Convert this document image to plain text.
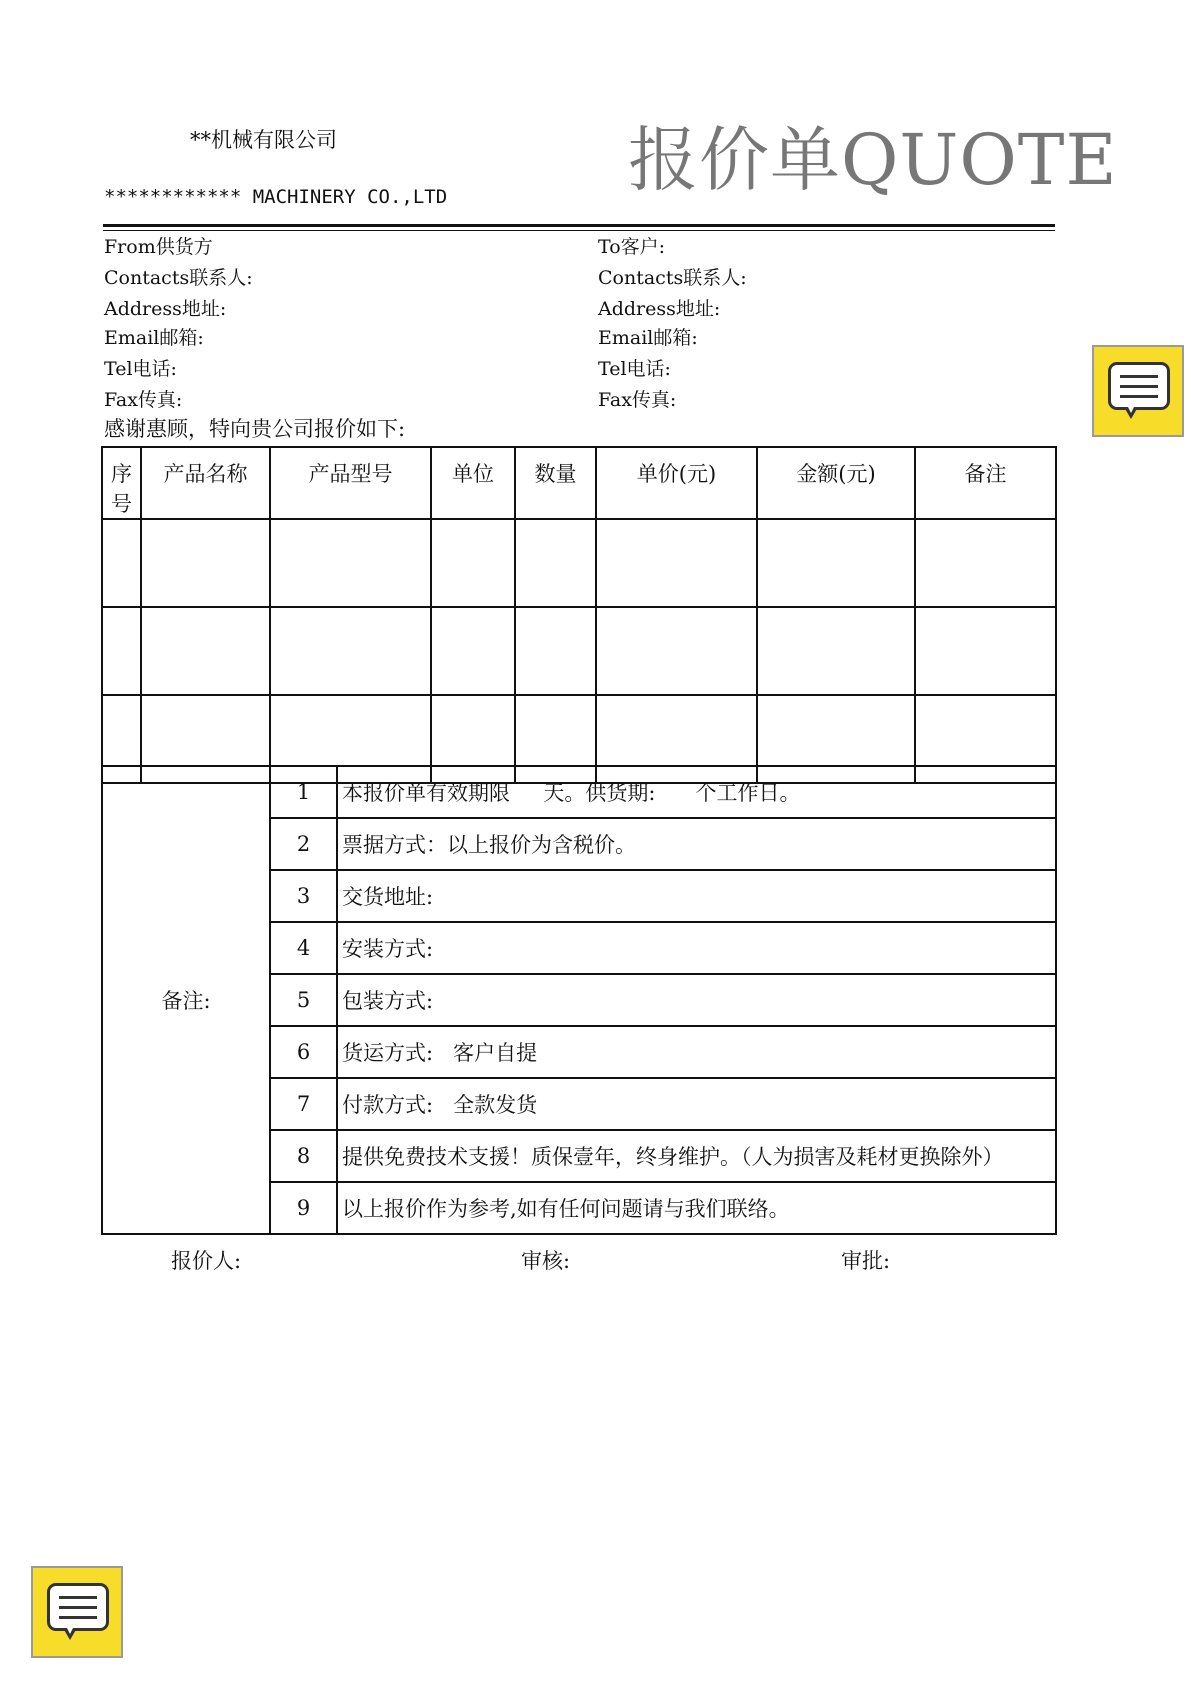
**机械有限公司
************ MACHINERY CO.,LTD	报价单QUOTE
From供货方
Contacts联系人:
Address地址:
Email邮箱:
Tel电话:
Fax传真:
To客户:
Contacts联系人:
Address地址:
Email邮箱:
Tel电话:
Fax传真:
感谢惠顾，特向贵公司报价如下:
序号	产品名称	产品型号	单位	数量	单价(元)	金额(元)	备注

备注:	1	本报价单有效期限     天。供货期:      个工作日。
	2	票据方式：以上报价为含税价。
	3	交货地址:
	4	安装方式:
	5	包装方式:
	6	货运方式:   客户自提
	7	付款方式:   全款发货
	8	提供免费技术支援！质保壹年，终身维护。（人为损害及耗材更换除外）
	9	以上报价作为参考,如有任何问题请与我们联络。
报价人:	审核:	审批:
